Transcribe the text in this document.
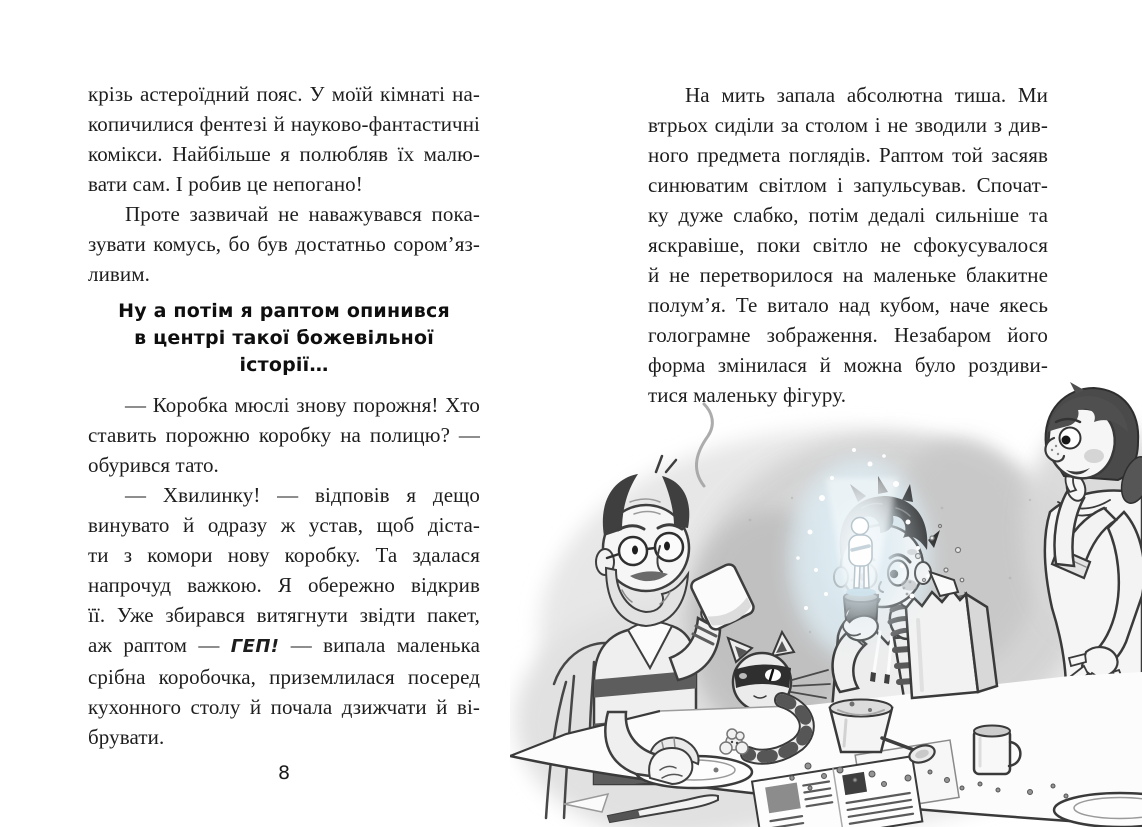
крізь астероїдний пояс. У моїй кімнаті на-
копичилися фентезі й науково-фантастичні
комікси. Найбільше я полюбляв їх малю-
вати сам. І робив це непогано!
Проте зазвичай не наважувався пока-
зувати комусь, бо був достатньо сором’яз-
ливим.
Ну а потім я раптом опинився
в центрі такої божевільної історії…
— Коробка мюслі знову порожня! Хто
ставить порожню коробку на полицю? —
обурився тато.
— Хвилинку! — відповів я дещо
винувато й одразу ж устав, щоб діста-
ти з комори нову коробку. Та здалася
напрочуд важкою. Я обережно відкрив
її. Уже збирався витягнути звідти пакет,
аж раптом — ГЕП! — випала маленька
срібна коробочка, приземлилася посеред
кухонного столу й почала дзижчати й ві-
брувати.
8
На мить запала абсолютна тиша. Ми
втрьох сиділи за столом і не зводили з див-
ного предмета поглядів. Раптом той засяяв
синюватим світлом і запульсував. Спочат-
ку дуже слабко, потім дедалі сильніше та
яскравіше, поки світло не сфокусувалося
й не перетворилося на маленьке блакитне
полум’я. Те витало над кубом, наче якесь
голограмне зображення. Незабаром його
форма змінилася й можна було роздиви-
тися маленьку фігуру.
